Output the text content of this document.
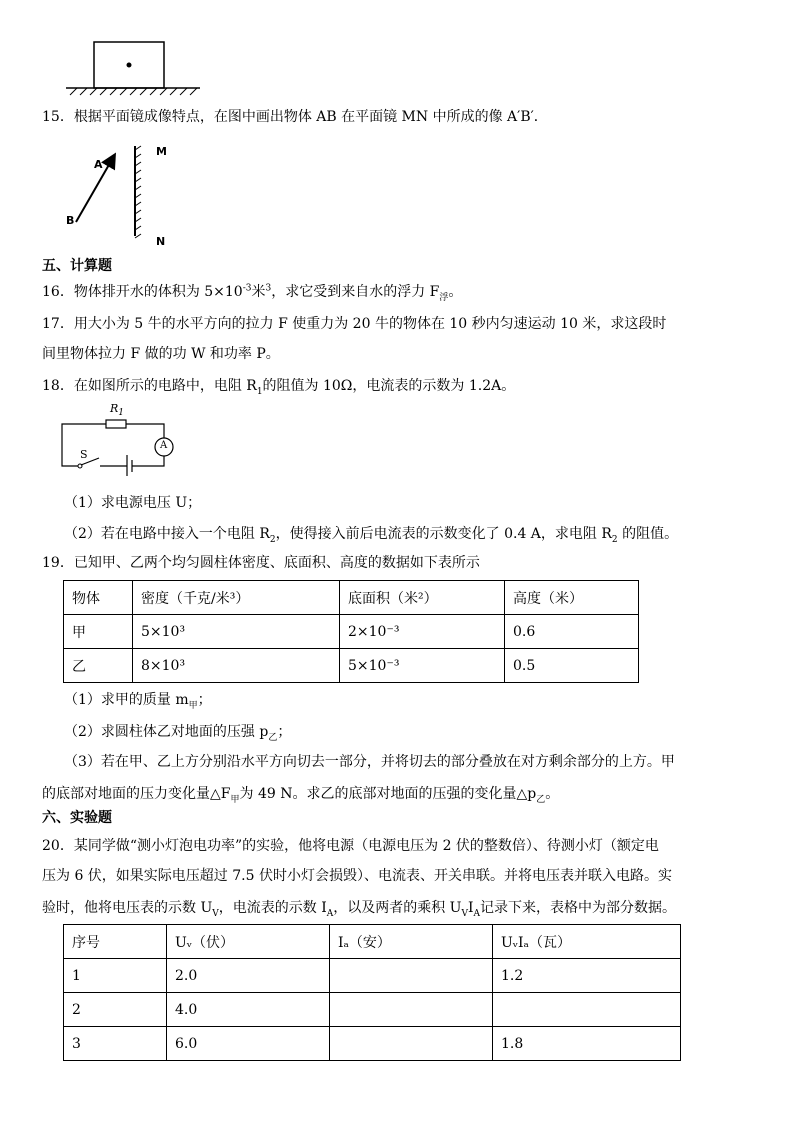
15．根据平面镜成像特点，在图中画出物体 AB 在平面镜 MN 中所成的像 A′B′．
A
B
M
N
五、计算题
16．物体排开水的体积为 $5\times 10^{-3}$米$^3$，求它受到来自水的浮力 $F_浮$。
17．用大小为 5 牛的水平方向的拉力 F 使重力为 20 牛的物体在 10 秒内匀速运动 10 米，求这段时
间里物体拉力 F 做的功 W 和功率 P。
18．在如图所示的电路中，电阻 $R_1$的阻值为 10Ω，电流表的示数为 1.2A。
$R_1$
A
S
（1）求电源电压 U；
（2）若在电路中接入一个电阻 $R_2$，使得接入前后电流表的示数变化了 0.4 A，求电阻 $R_2$ 的阻值。
19．已知甲、乙两个均匀圆柱体密度、底面积、高度的数据如下表所示
物体	密度（千克/米³）	底面积（米²）	高度（米）
甲	5×10³	2×10⁻³	0.6
乙	8×10³	5×10⁻³	0.5
（1）求甲的质量 $m_甲$；
（2）求圆柱体乙对地面的压强 $p_乙$；
（3）若在甲、乙上方分别沿水平方向切去一部分，并将切去的部分叠放在对方剩余部分的上方。甲
的底部对地面的压力变化量$\triangle F_甲$为 49 N。求乙的底部对地面的压强的变化量$\triangle p_乙$。
六、实验题
20．某同学做“测小灯泡电功率”的实验，他将电源（电源电压为 2 伏的整数倍）、待测小灯（额定电
压为 6 伏，如果实际电压超过 7.5 伏时小灯会损毁）、电流表、开关串联。并将电压表并联入电路。实
验时，他将电压表的示数 $U_V$，电流表的示数 $I_A$，以及两者的乘积 $U_VI_A$记录下来，表格中为部分数据。
序号	Uᵥ（伏）	Iₐ（安）	UᵥIₐ（瓦）
1	2.0		1.2
2	4.0		
3	6.0		1.8
